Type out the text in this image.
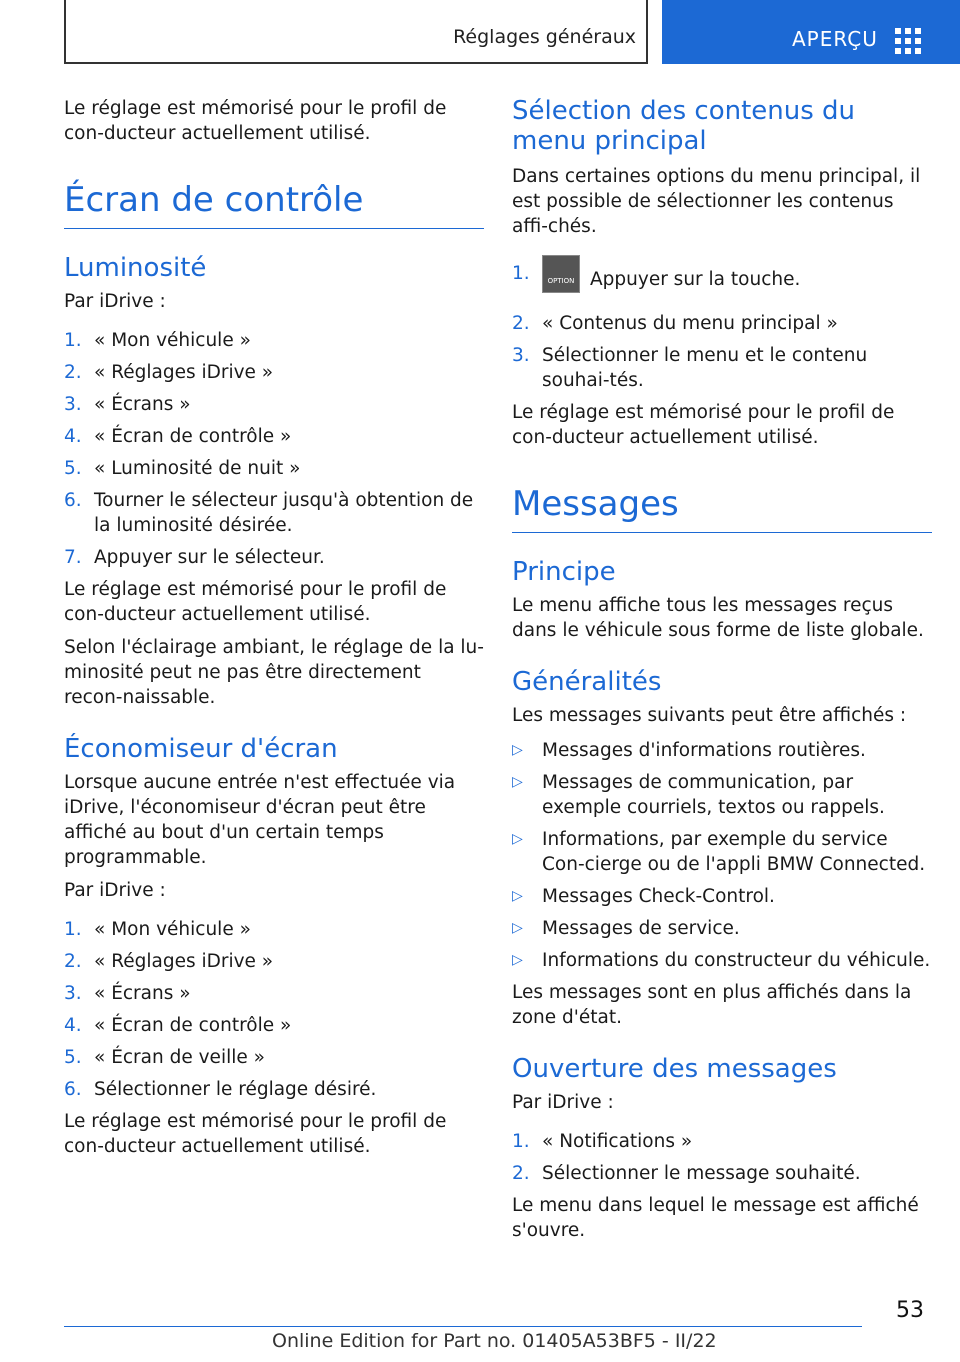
Réglages généraux	APERÇU

Le réglage est mémorisé pour le profil de con‐ducteur actuellement utilisé.

Écran de contrôle
Luminosité

Par iDrive :

1. « Mon véhicule »
2. « Réglages iDrive »
3. « Écrans »
4. « Écran de contrôle »
5. « Luminosité de nuit »
6. Tourner le sélecteur jusqu'à obtention de la luminosité désirée.
7. Appuyer sur le sélecteur.

Le réglage est mémorisé pour le profil de con‐ducteur actuellement utilisé.

Selon l'éclairage ambiant, le réglage de la lu‐minosité peut ne pas être directement recon‐naissable.

Économiseur d'écran

Lorsque aucune entrée n'est effectuée via iDrive, l'économiseur d'écran peut être affiché au bout d'un certain temps programmable.

Par iDrive :

1. « Mon véhicule »
2. « Réglages iDrive »
3. « Écrans »
4. « Écran de contrôle »
5. « Écran de veille »
6. Sélectionner le réglage désiré.

Le réglage est mémorisé pour le profil de con‐ducteur actuellement utilisé.

Sélection des contenus du menu principal

Dans certaines options du menu principal, il est possible de sélectionner les contenus affi‐chés.

1.	OPTION Appuyer sur la touche.
2. « Contenus du menu principal »
3. Sélectionner le menu et le contenu souhai‐tés.

Le réglage est mémorisé pour le profil de con‐ducteur actuellement utilisé.

Messages
Principe

Le menu affiche tous les messages reçus dans le véhicule sous forme de liste globale.

Généralités

Les messages suivants peut être affichés :

▷ Messages d'informations routières.
▷ Messages de communication, par exemple courriels, textos ou rappels.
▷ Informations, par exemple du service Con‐cierge ou de l'appli BMW Connected.
▷ Messages Check-Control.
▷ Messages de service.
▷ Informations du constructeur du véhicule.

Les messages sont en plus affichés dans la zone d'état.

Ouverture des messages

Par iDrive :

1. « Notifications »
2. Sélectionner le message souhaité.

Le menu dans lequel le message est affiché s'ouvre.

53
Online Edition for Part no. 01405A53BF5 - II/22
